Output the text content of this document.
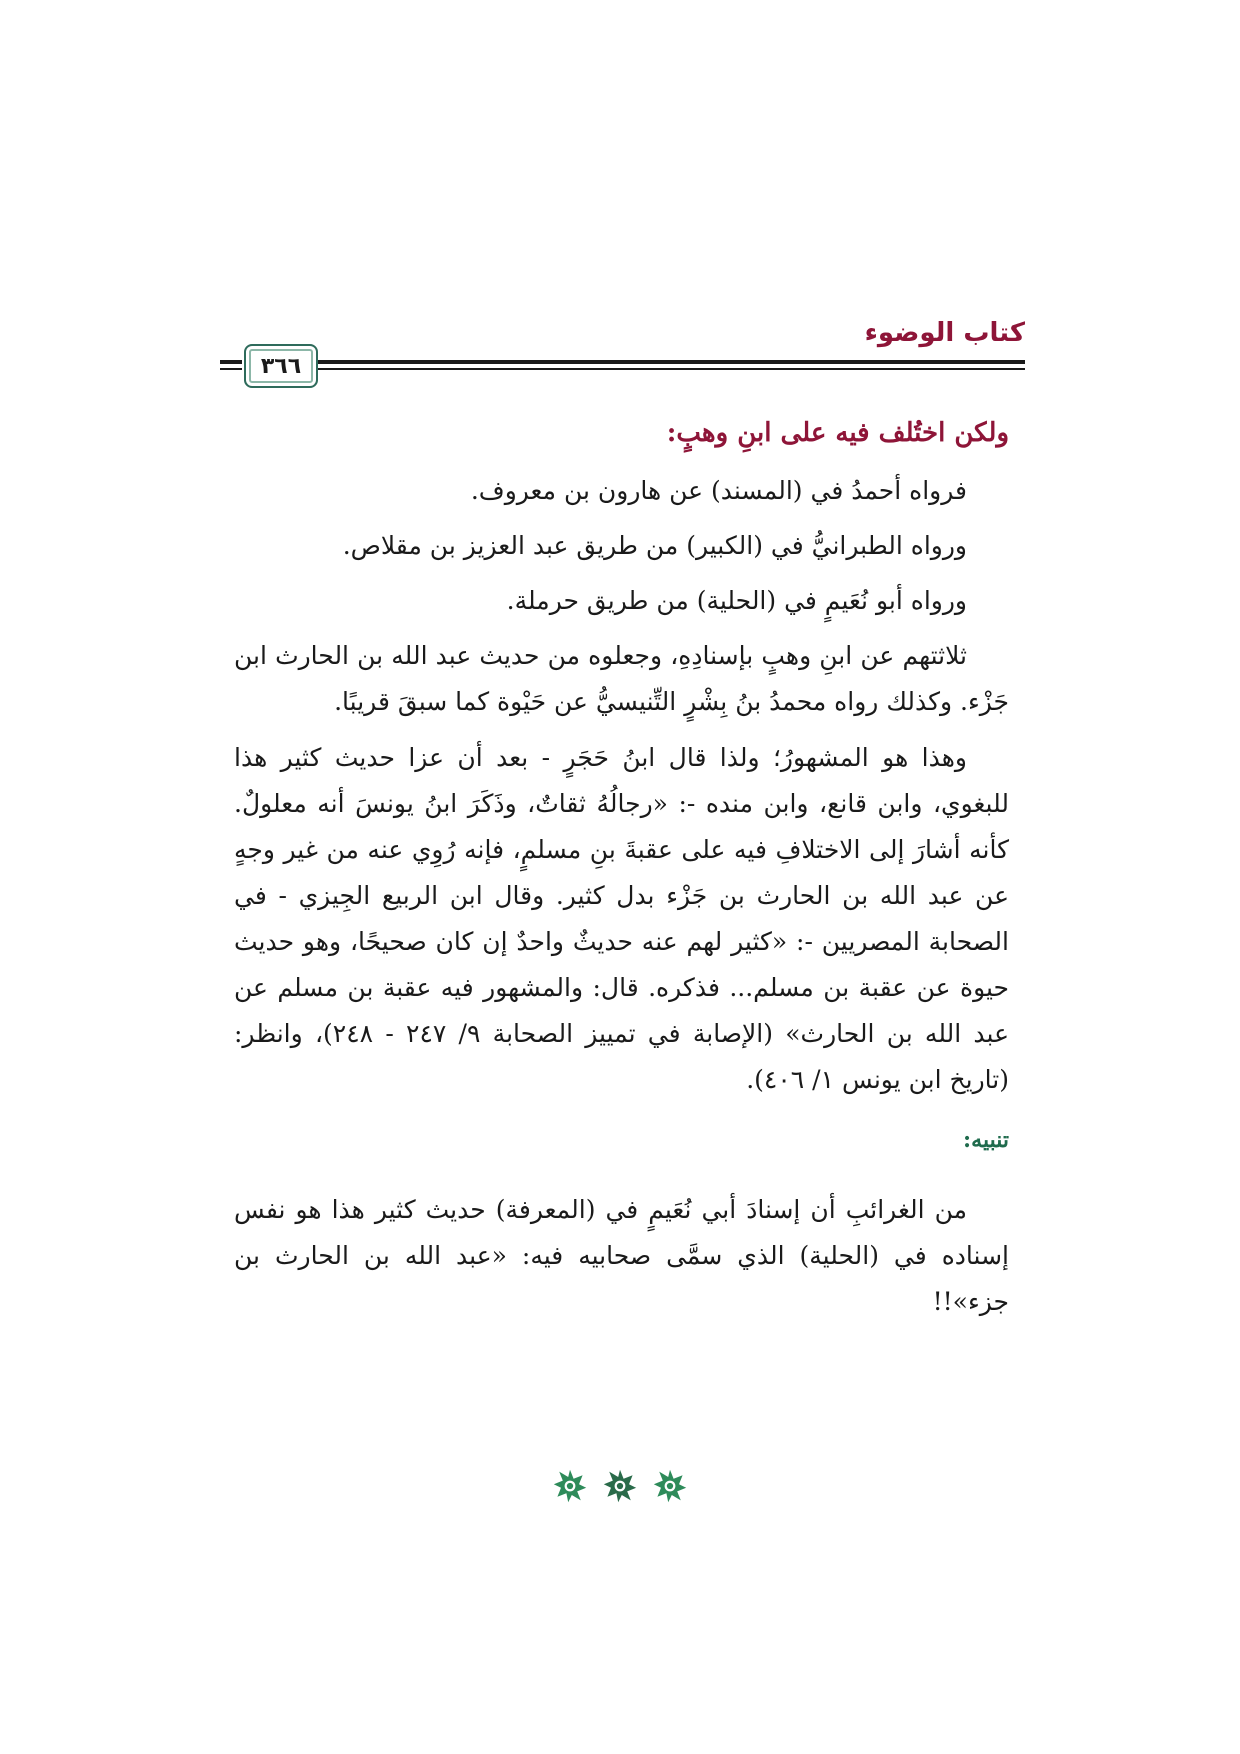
كتاب الوضوء
٣٦٦
ولكن اختُلف فيه على ابنِ وهبٍ:
فرواه أحمدُ في (المسند) عن هارون بن معروف.
ورواه الطبرانيُّ في (الكبير) من طريق عبد العزيز بن مقلاص.
ورواه أبو نُعَيمٍ في (الحلية) من طريق حرملة.

ثلاثتهم عن ابنِ وهبٍ بإسنادِهِ، وجعلوه من حديث عبد الله بن الحارث ابن جَزْء. وكذلك رواه محمدُ بنُ بِشْرٍ التِّنيسيُّ عن حَيْوة كما سبقَ قريبًا.

وهذا هو المشهورُ؛ ولذا قال ابنُ حَجَرٍ - بعد أن عزا حديث كثير هذا للبغوي، وابن قانع، وابن منده -: «رجالُهُ ثقاتٌ، وذَكَرَ ابنُ يونسَ أنه معلولٌ. كأنه أشارَ إلى الاختلافِ فيه على عقبةَ بنِ مسلمٍ، فإنه رُوِي عنه من غير وجهٍ عن عبد الله بن الحارث بن جَزْء بدل كثير. وقال ابن الربيع الجِيزي - في الصحابة المصريين -: «كثير لهم عنه حديثٌ واحدٌ إن كان صحيحًا، وهو حديث حيوة عن عقبة بن مسلم... فذكره. قال: والمشهور فيه عقبة بن مسلم عن عبد الله بن الحارث» (الإصابة في تمييز الصحابة ٩/ ٢٤٧ - ٢٤٨)، وانظر: (تاريخ ابن يونس ١/ ٤٠٦).

تنبيه:

من الغرائبِ أن إسنادَ أبي نُعَيمٍ في (المعرفة) حديث كثير هذا هو نفس إسناده في (الحلية) الذي سمَّى صحابيه فيه: «عبد الله بن الحارث بن جزء»!!
